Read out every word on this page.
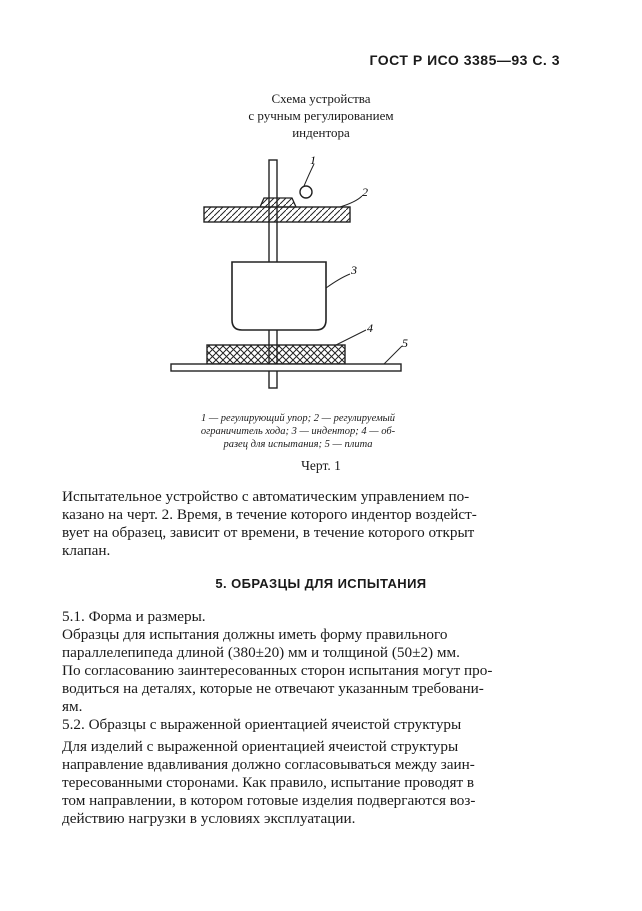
ГОСТ Р ИСО 3385—93 С. 3
Схема устройства
с ручным регулированием
индентора
1
2
3
4
5
1 — регулирующий упор; 2 — регулируемый
ограничитель хода; 3 — индентор; 4 — об-
разец для испытания; 5 — плита
Черт. 1
Испытательное устройство с автоматическим управлением по-
казано на черт. 2. Время, в течение которого индентор воздейст-
вует на образец, зависит от времени, в течение которого открыт
клапан.
5. ОБРАЗЦЫ ДЛЯ ИСПЫТАНИЯ
5.1. Форма и размеры.
Образцы для испытания должны иметь форму правильного
параллелепипеда длиной (380±20) мм и толщиной (50±2) мм.
По согласованию заинтересованных сторон испытания могут про-
водиться на деталях, которые не отвечают указанным требовани-
ям.
5.2. Образцы с выраженной ориентацией ячеистой структуры
Для изделий с выраженной ориентацией ячеистой структуры
направление вдавливания должно согласовываться между заин-
тересованными сторонами. Как правило, испытание проводят в
том направлении, в котором готовые изделия подвергаются воз-
действию нагрузки в условиях эксплуатации.
